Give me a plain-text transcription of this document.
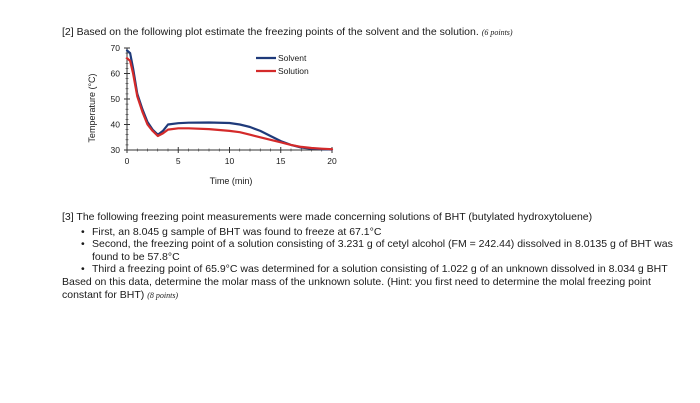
[2] Based on the following plot estimate the freezing points of the solvent and the solution. (6 points)
Temperature (°C)
Time (min)
30
40
50
60
70
0	5	10	15	20
Solvent
Solution

[3] The following freezing point measurements were made concerning solutions of BHT (butylated hydroxytoluene)

• First, an 8.045 g sample of BHT was found to freeze at 67.1°C
• Second, the freezing point of a solution consisting of 3.231 g of cetyl alcohol (FM = 242.44) dissolved in 8.0135 g of BHT was found to be 57.8°C
• Third a freezing point of 65.9°C was determined for a solution consisting of 1.022 g of an unknown dissolved in 8.034 g BHT

Based on this data, determine the molar mass of the unknown solute. (Hint: you first need to determine the molal freezing point constant for BHT) (8 points)
